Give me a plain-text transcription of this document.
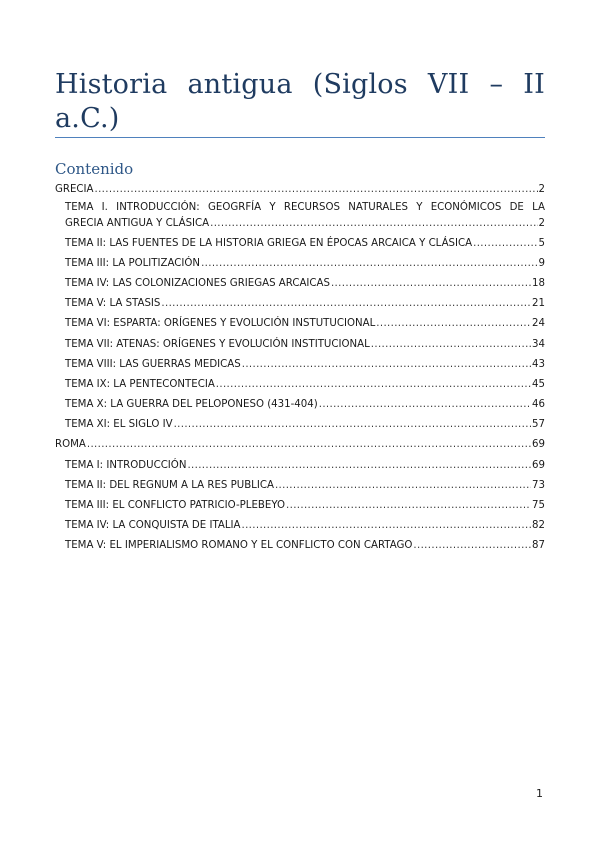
Historia antigua (Siglos VII – II a.C.)
Contenido
GRECIA .....	2
TEMA I. INTRODUCCIÓN: GEOGRFÍA Y RECURSOS NATURALES Y ECONÓMICOS DE LA
GRECIA ANTIGUA Y CLÁSICA .....	2
TEMA II: LAS FUENTES DE LA HISTORIA GRIEGA EN ÉPOCAS ARCAICA Y CLÁSICA .....	5
TEMA III: LA POLITIZACIÓN .....	9
TEMA IV: LAS COLONIZACIONES GRIEGAS ARCAICAS .....	18
TEMA V: LA STASIS .....	21
TEMA VI: ESPARTA: ORÍGENES Y EVOLUCIÓN INSTUTUCIONAL .....	24
TEMA VII: ATENAS: ORÍGENES Y EVOLUCIÓN INSTITUCIONAL .....	34
TEMA VIII: LAS GUERRAS MEDICAS .....	43
TEMA IX: LA PENTECONTECIA .....	45
TEMA X: LA GUERRA DEL PELOPONESO (431-404) .....	46
TEMA XI: EL SIGLO IV .....	57
ROMA .....	69
TEMA I: INTRODUCCIÓN .....	69
TEMA II: DEL REGNUM A LA RES PUBLICA .....	73
TEMA III: EL CONFLICTO PATRICIO-PLEBEYO .....	75
TEMA IV: LA CONQUISTA DE ITALIA .....	82
TEMA V: EL IMPERIALISMO ROMANO Y EL CONFLICTO CON CARTAGO .....	87
1
